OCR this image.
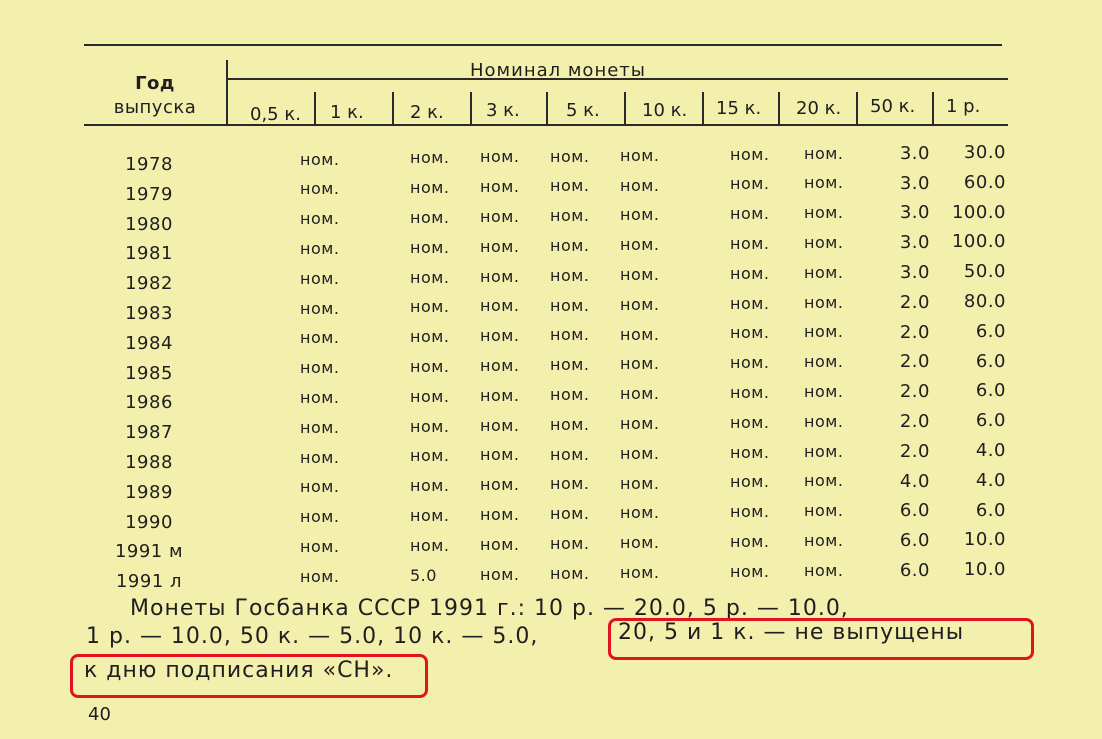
Год
выпуска
Номинал монеты
0,5 к. 1 к.	2 к. 3 к.	5 к. 10 к. 15 к. 20 к. 50 к. 1 р.
1978	ном.	ном. ном. ном. ном.	ном. ном.	3.0	30.0
1979	ном.	ном. ном. ном. ном.	ном. ном.	3.0	60.0
1980	ном.	ном. ном. ном. ном.	ном. ном.	3.0	100.0
1981	ном.	ном. ном. ном. ном.	ном. ном.	3.0	100.0
1982	ном.	ном. ном. ном. ном.	ном. ном.	3.0	50.0
1983	ном.	ном. ном. ном. ном.	ном. ном.	2.0	80.0
1984	ном.	ном. ном. ном. ном.	ном. ном.	2.0	6.0
1985	ном.	ном. ном. ном. ном.	ном. ном.	2.0	6.0
1986	ном.	ном. ном. ном. ном.	ном. ном.	2.0	6.0
1987	ном.	ном. ном. ном. ном.	ном. ном.	2.0	6.0
1988	ном.	ном. ном. ном. ном.	ном. ном.	2.0	4.0
1989	ном.	ном. ном. ном. ном.	ном. ном.	4.0	4.0
1990	ном.	ном. ном. ном. ном.	ном. ном.	6.0	6.0
1991 м	ном.	ном. ном. ном. ном.	ном. ном.	6.0	10.0
1991 л	ном.	5.0	ном. ном. ном.	ном. ном.	6.0	10.0
Монеты Госбанка СССР 1991 г.: 10 р. — 20.0, 5 р. — 10.0,
1 р. — 10.0, 50 к. — 5.0, 10 к. — 5.0,	20, 5 и 1 к. — не выпущены
к дню подписания «СН».
40
